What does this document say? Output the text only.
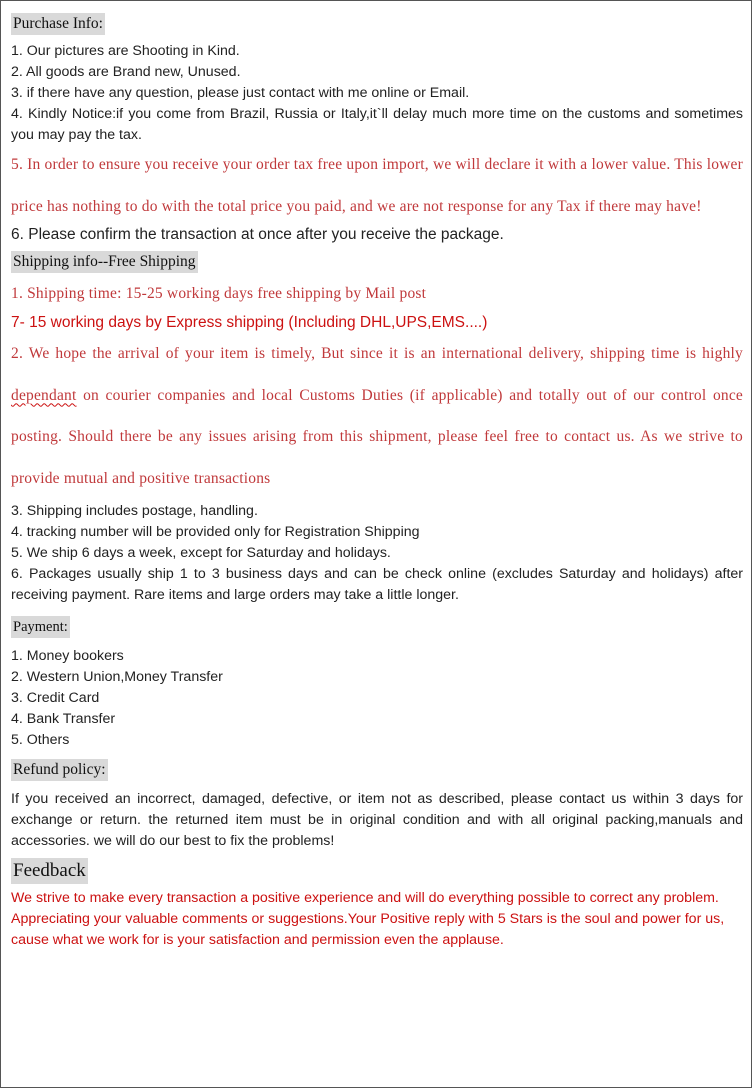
Purchase Info:

1. Our pictures are Shooting in Kind.

2. All goods are Brand new, Unused.

3. if there have any question, please just contact with me online or Email.

4. Kindly Notice:if you come from Brazil, Russia or Italy,it`ll delay much more time on the customs and sometimes you may pay the tax.

5. In order to ensure you receive your order tax free upon import, we will declare it with a lower value. This lower price has nothing to do with the total price you paid, and we are not response for any Tax if there may have!

6. Please confirm the transaction at once after you receive the package.

Shipping info--Free Shipping

1. Shipping time: 15-25 working days free shipping by Mail post

7- 15 working days by Express shipping (Including DHL,UPS,EMS....)

2. We hope the arrival of your item is timely, But since it is an international delivery, shipping time is highly dependant on courier companies and local Customs Duties (if applicable) and totally out of our control once posting. Should there be any issues arising from this shipment, please feel free to contact us. As we strive to provide mutual and positive transactions

3. Shipping includes postage, handling.

4. tracking number will be provided only for Registration Shipping

5. We ship 6 days a week, except for Saturday and holidays.

6. Packages usually ship 1 to 3 business days and can be check online (excludes Saturday and holidays) after receiving payment. Rare items and large orders may take a little longer.

Payment:

1. Money bookers

2. Western Union,Money Transfer

3. Credit Card

4. Bank Transfer

5. Others

Refund policy:

If you received an incorrect, damaged, defective, or item not as described, please contact us within 3 days for exchange or return. the returned item must be in original condition and with all original packing,manuals and accessories. we will do our best to fix the problems!

Feedback

We strive to make every transaction a positive experience and will do everything possible to correct any problem. Appreciating your valuable comments or suggestions.Your Positive reply with 5 Stars is the soul and power for us, cause what we work for is your satisfaction and permission even the applause.
